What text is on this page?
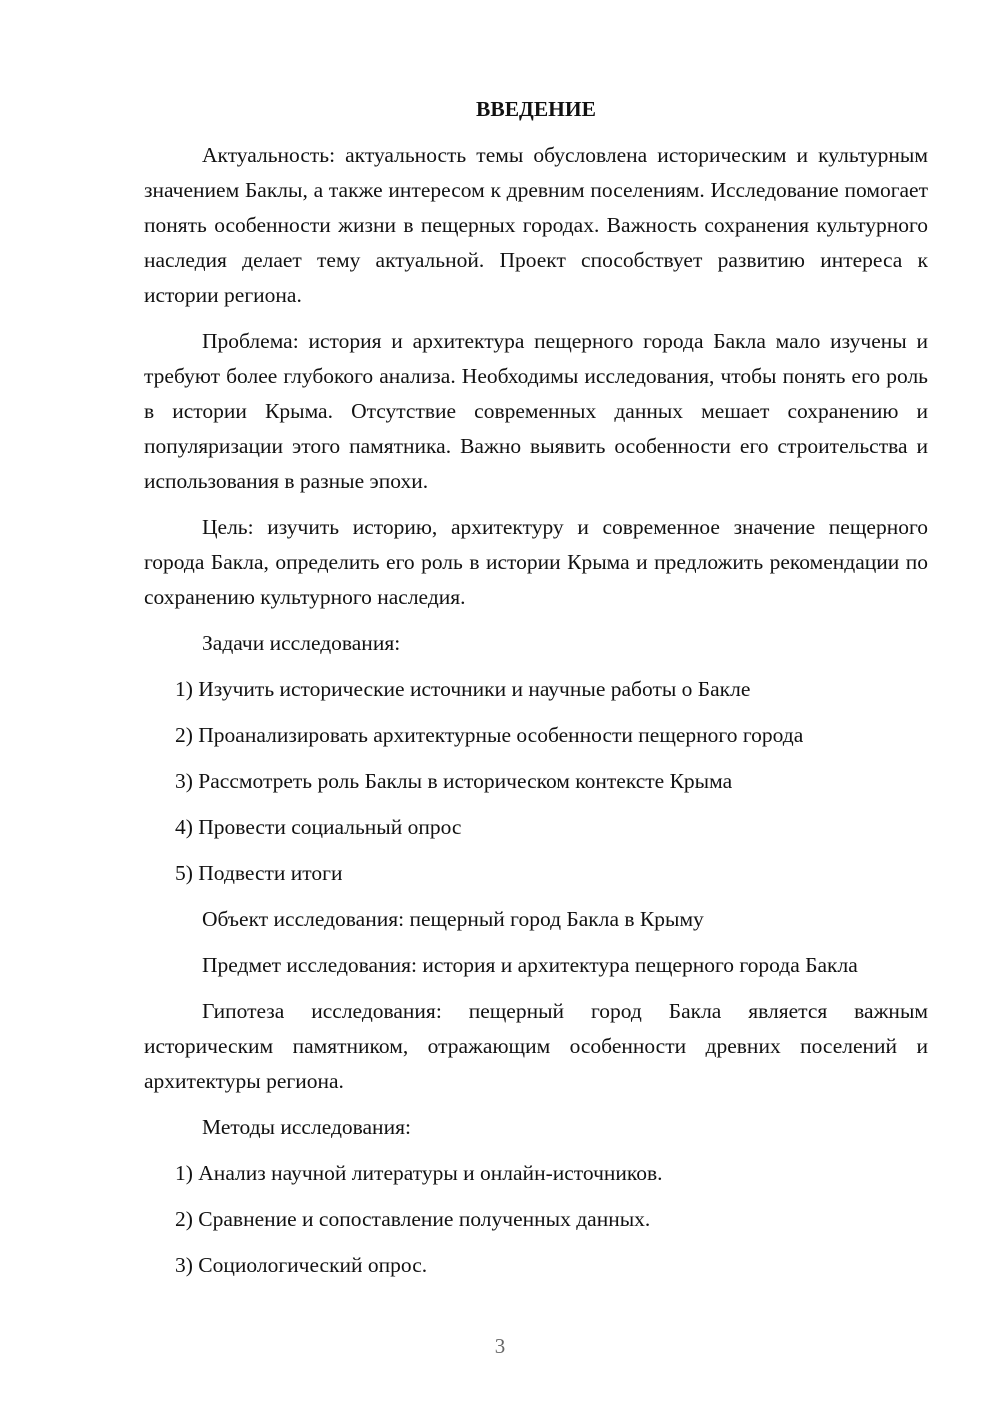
ВВЕДЕНИЕ
Актуальность: актуальность темы обусловлена историческим и культурным значением Баклы, а также интересом к древним поселениям. Исследование помогает понять особенности жизни в пещерных городах. Важность сохранения культурного наследия делает тему актуальной. Проект способствует развитию интереса к истории региона.
Проблема: история и архитектура пещерного города Бакла мало изучены и требуют более глубокого анализа. Необходимы исследования, чтобы понять его роль в истории Крыма. Отсутствие современных данных мешает сохранению и популяризации этого памятника. Важно выявить особенности его строительства и использования в разные эпохи.
Цель: изучить историю, архитектуру и современное значение пещерного города Бакла, определить его роль в истории Крыма и предложить рекомендации по сохранению культурного наследия.
Задачи исследования:
1) Изучить исторические источники и научные работы о Бакле
2) Проанализировать архитектурные особенности пещерного города
3) Рассмотреть роль Баклы в историческом контексте Крыма
4) Провести социальный опрос
5) Подвести итоги
Объект исследования: пещерный город Бакла в Крыму
Предмет исследования: история и архитектура пещерного города Бакла
Гипотеза исследования: пещерный город Бакла является важным историческим памятником, отражающим особенности древних поселений и архитектуры региона.
Методы исследования:
1) Анализ научной литературы и онлайн-источников.
2) Сравнение и сопоставление полученных данных.
3) Социологический опрос.
3
